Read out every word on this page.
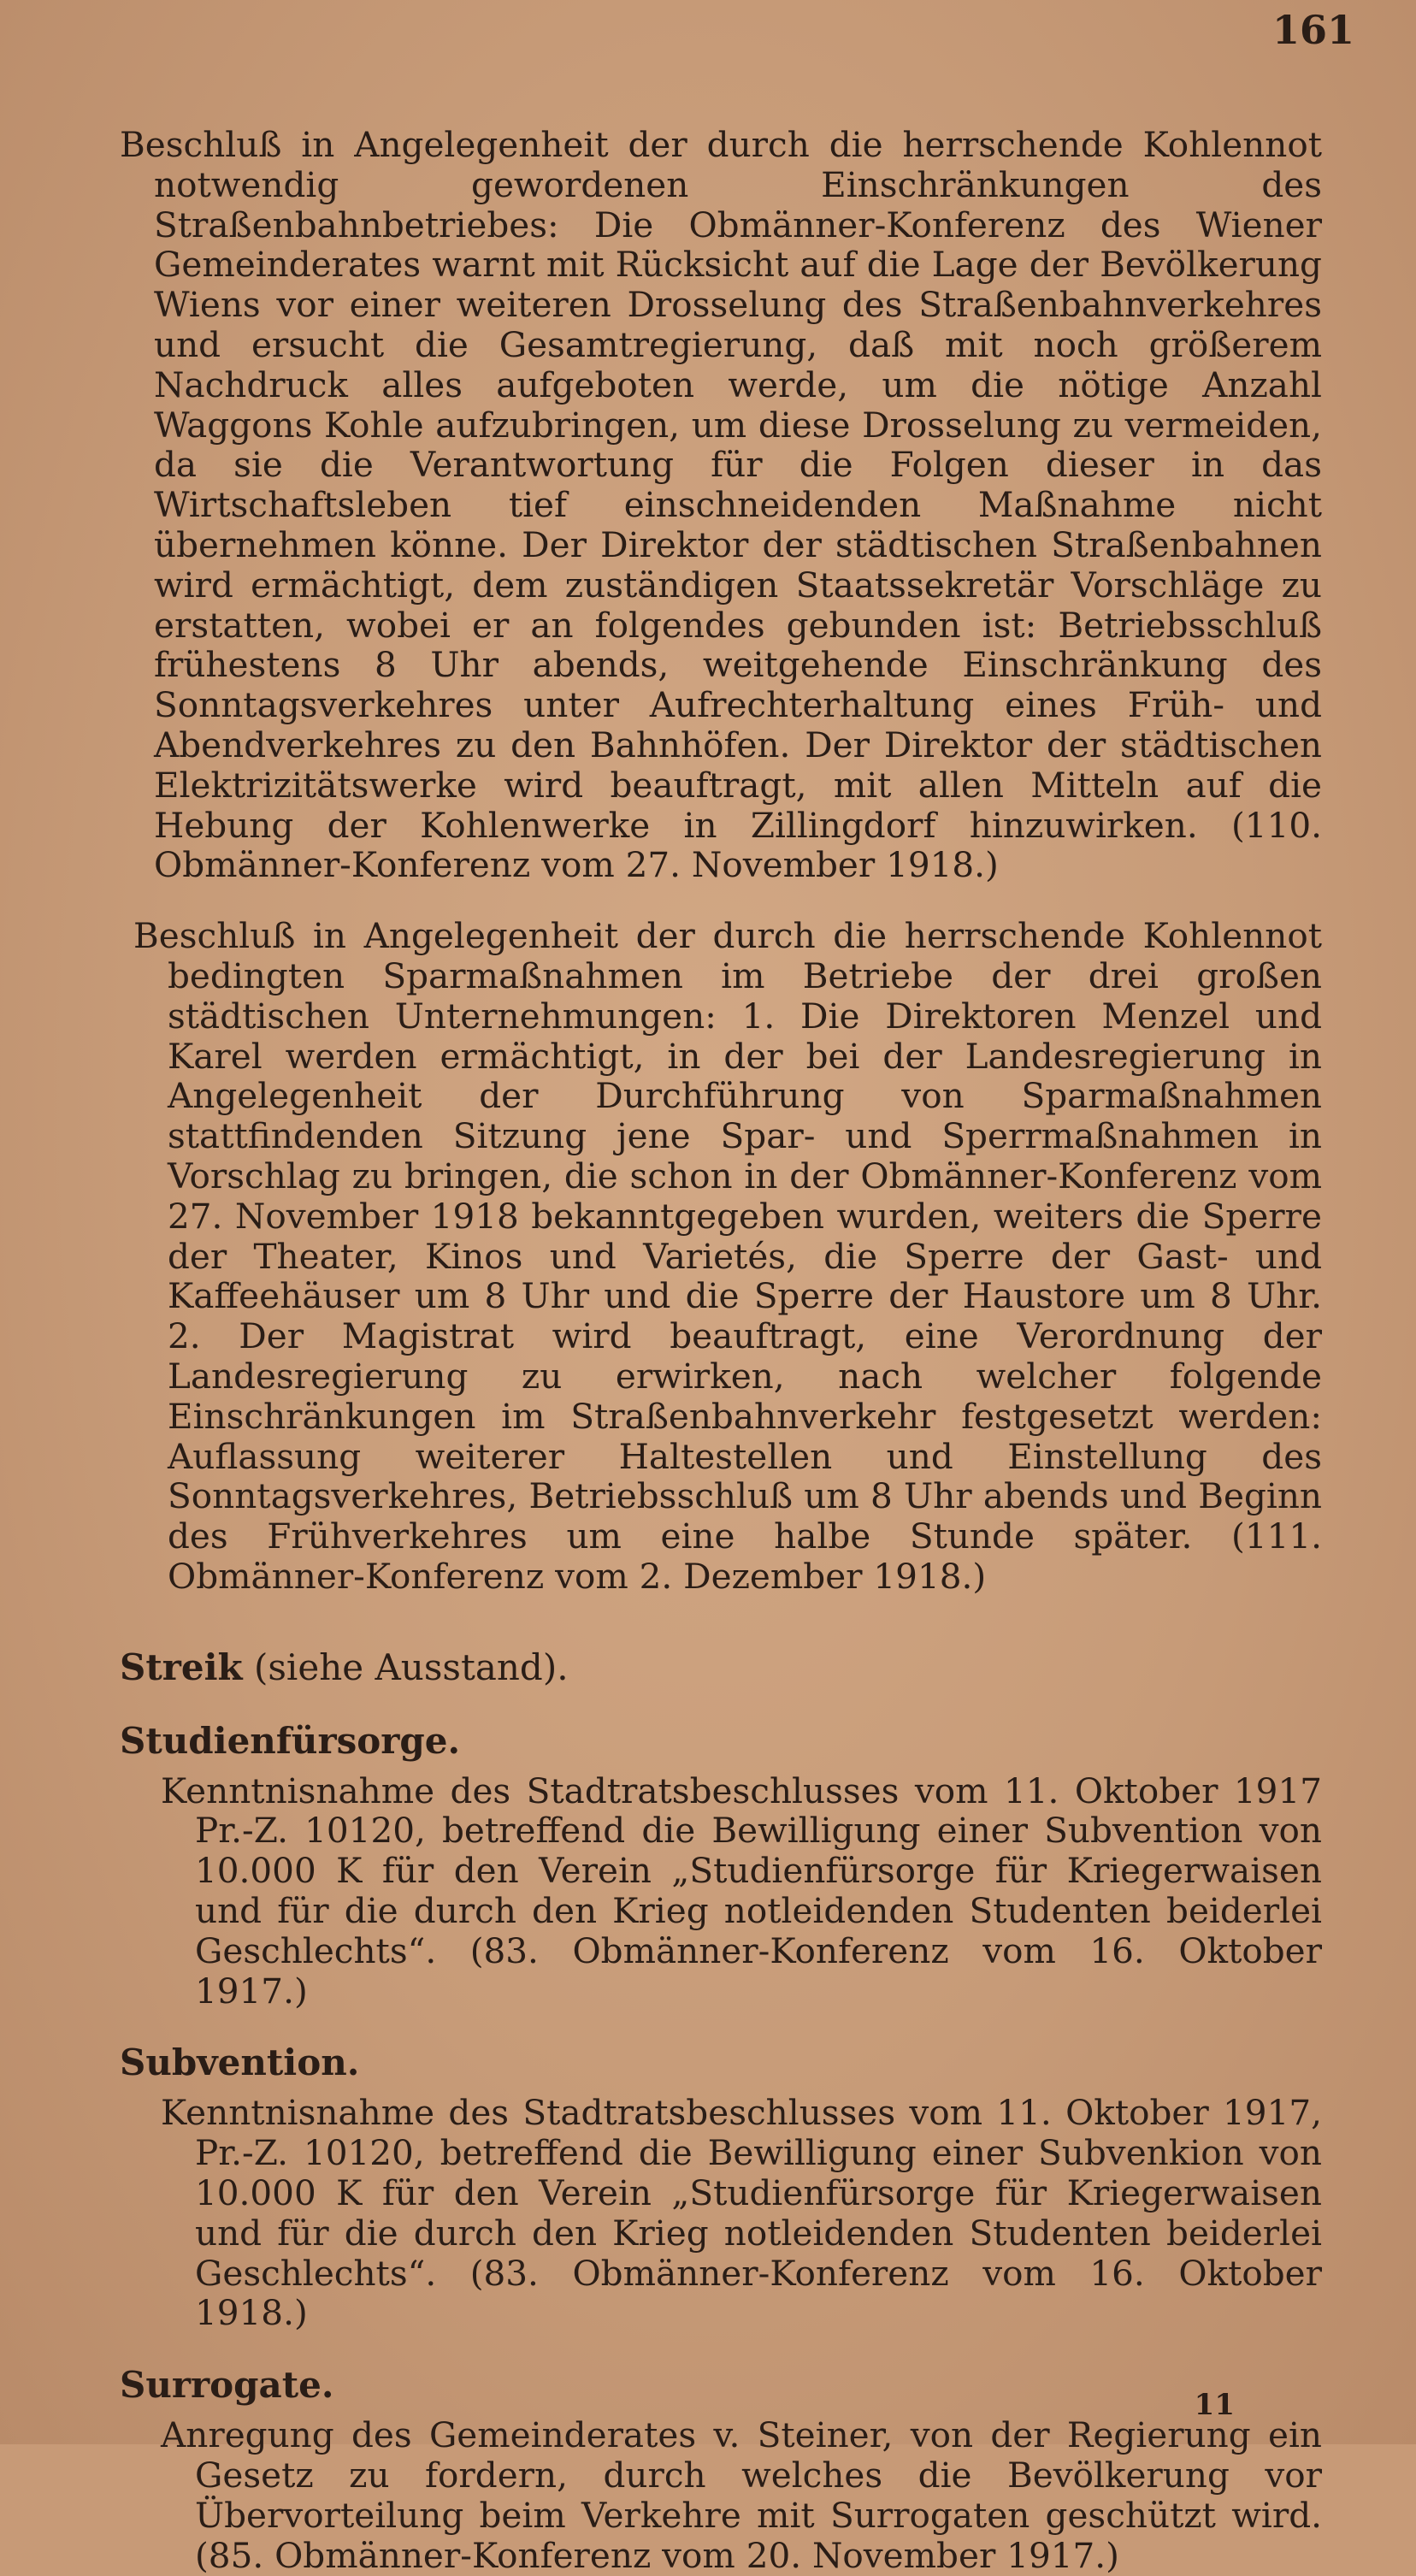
161

Beschluß in Angelegenheit der durch die herrschende Kohlennot notwendig gewordenen Einschränkungen des Straßenbahnbetriebes: Die Obmänner-Konferenz des Wiener Gemeinderates warnt mit Rücksicht auf die Lage der Bevölkerung Wiens vor einer weiteren Drosselung des Straßenbahnverkehres und ersucht die Gesamtregierung, daß mit noch größerem Nachdruck alles aufgeboten werde, um die nötige Anzahl Waggons Kohle aufzubringen, um diese Drosselung zu vermeiden, da sie die Verantwortung für die Folgen dieser in das Wirtschaftsleben tief einschneidenden Maßnahme nicht übernehmen könne. Der Direktor der städtischen Straßenbahnen wird ermächtigt, dem zuständigen Staatssekretär Vorschläge zu erstatten, wobei er an folgendes gebunden ist: Betriebsschluß frühestens 8 Uhr abends, weitgehende Einschränkung des Sonntagsverkehres unter Aufrechterhaltung eines Früh- und Abendverkehres zu den Bahnhöfen. Der Direktor der städtischen Elektrizitätswerke wird beauftragt, mit allen Mitteln auf die Hebung der Kohlenwerke in Zillingdorf hinzuwirken. (110. Obmänner-Konferenz vom 27. November 1918.)

Beschluß in Angelegenheit der durch die herrschende Kohlennot bedingten Sparmaßnahmen im Betriebe der drei großen städtischen Unternehmungen: 1. Die Direktoren Menzel und Karel werden ermächtigt, in der bei der Landesregierung in Angelegenheit der Durchführung von Sparmaßnahmen stattfindenden Sitzung jene Spar- und Sperrmaßnahmen in Vorschlag zu bringen, die schon in der Obmänner-Konferenz vom 27. November 1918 bekanntgegeben wurden, weiters die Sperre der Theater, Kinos und Varietés, die Sperre der Gast- und Kaffeehäuser um 8 Uhr und die Sperre der Haustore um 8 Uhr. 2. Der Magistrat wird beauftragt, eine Verordnung der Landesregierung zu erwirken, nach welcher folgende Einschränkungen im Straßenbahnverkehr festgesetzt werden: Auflassung weiterer Haltestellen und Einstellung des Sonntagsverkehres, Betriebsschluß um 8 Uhr abends und Beginn des Frühverkehres um eine halbe Stunde später. (111. Obmänner-Konferenz vom 2. Dezember 1918.)

Streik (siehe Ausstand).
Studienfürsorge.

Kenntnisnahme des Stadtratsbeschlusses vom 11. Oktober 1917 Pr.-Z. 10120, betreffend die Bewilligung einer Subvention von 10.000 K für den Verein „Studienfürsorge für Kriegerwaisen und für die durch den Krieg notleidenden Studenten beiderlei Geschlechts“. (83. Obmänner-Konferenz vom 16. Oktober 1917.)

Subvention.

Kenntnisnahme des Stadtratsbeschlusses vom 11. Oktober 1917, Pr.-Z. 10120, betreffend die Bewilligung einer Subvenkion von 10.000 K für den Verein „Studienfürsorge für Kriegerwaisen und für die durch den Krieg notleidenden Studenten beiderlei Geschlechts“. (83. Obmänner-Konferenz vom 16. Oktober 1918.)

Surrogate.

Anregung des Gemeinderates v. Steiner, von der Regierung ein Gesetz zu fordern, durch welches die Bevölkerung vor Übervorteilung beim Verkehre mit Surrogaten geschützt wird. (85. Obmänner-Konferenz vom 20. November 1917.)

11
